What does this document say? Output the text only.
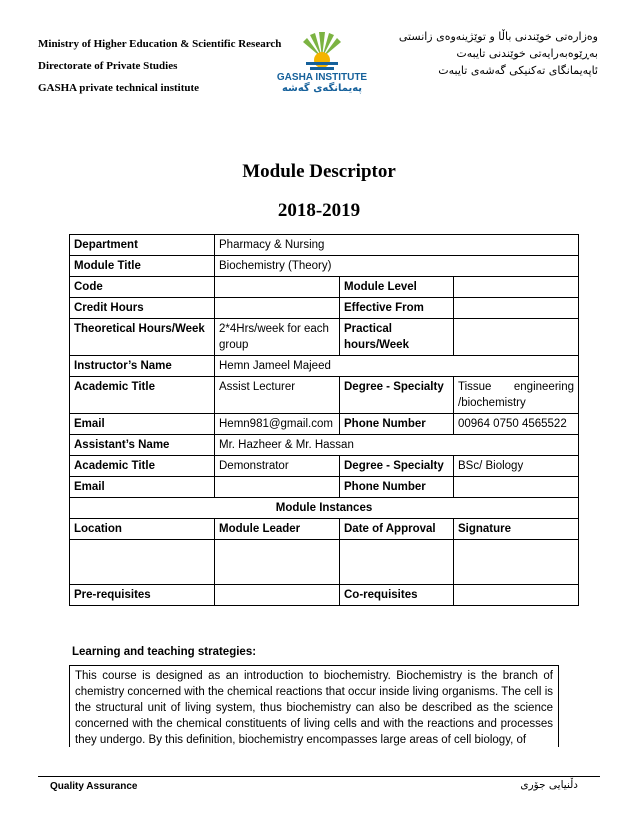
Ministry of Higher Education & Scientific Research
Directorate of Private Studies
GASHA private technical institute
GASHA INSTITUTE
پەیمانگەی گەشە
وەزارەتی خوێندنی باڵا و توێژینەوەی زانستی
بەڕێوەبەرایەتی خوێندنی تایبەت
ئاپەیمانگای تەکنیکی گەشەی تایبەت
Module Descriptor
2018-2019
Department	Pharmacy & Nursing		
Module Title	Biochemistry (Theory)		
Code		Module Level	
Credit Hours		Effective From	
Theoretical Hours/Week	2*4Hrs/week for each group	Practical hours/Week	
Instructor’s Name	Hemn Jameel Majeed		
Academic Title	Assist Lecturer	Degree - Specialty	Tissue engineering /biochemistry
Email	Hemn981@gmail.com	Phone Number	00964 0750 4565522
Assistant’s Name	Mr. Hazheer & Mr. Hassan		
Academic Title	Demonstrator	Degree - Specialty	BSc/ Biology
Email		Phone Number	
Module Instances			
Location	Module Leader	Date of Approval	Signature

Pre-requisites		Co-requisites	
Learning and teaching strategies:
This course is designed as an introduction to biochemistry. Biochemistry is the branch of chemistry concerned with the chemical reactions that occur inside living organisms. The cell is the structural unit of living system, thus biochemistry can also be described as the science concerned with the chemical constituents of living cells and with the reactions and processes they undergo. By this definition, biochemistry encompasses large areas of cell biology, of
Quality Assurance	دڵنیایی جۆری
